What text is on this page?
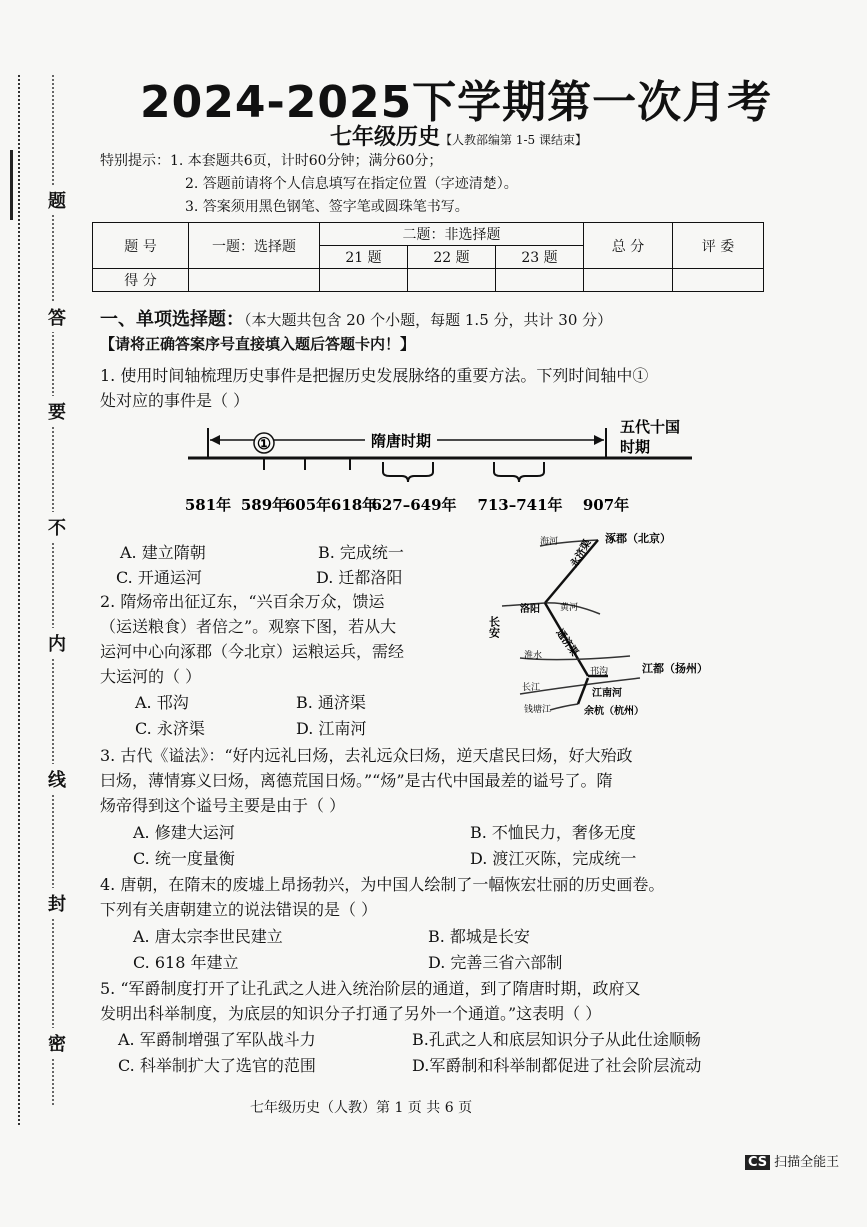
题
答
要
不
内
线
封
密
2024-2025下学期第一次月考
七年级历史【人教部编第 1-5 课结束】
特别提示：1. 本套题共6页，计时60分钟；满分60分；
2. 答题前请将个人信息填写在指定位置（字迹清楚）。
3. 答案须用黑色钢笔、签字笔或圆珠笔书写。
题 号	一题：选择题	二题：非选择题			总 分	评 委
		21 题	22 题	23 题		
得 分						
一、单项选择题：（本大题共包含 20 个小题，每题 1.5 分，共计 30 分）
【请将正确答案序号直接填入题后答题卡内！】
1. 使用时间轴梳理历史事件是把握历史发展脉络的重要方法。下列时间轴中①
处对应的事件是（ ）
①	隋唐时期
五代十国
时期
581年 589年
605年 618年
627–649年 713–741年 907年
A. 建立隋朝	B. 完成统一
C. 开通运河	D. 迁都洛阳
2. 隋炀帝出征辽东，“兴百余万众，馈运
（运送粮食）者倍之”。观察下图，若从大
运河中心向涿郡（今北京）运粮运兵，需经
大运河的（ ）
A. 邗沟	B. 通济渠
C. 永济渠	D. 江南河
海河	涿郡（北京）
永济渠
长安
洛阳 黄河
通济渠
淮水
邗沟	江都（扬州）
长江	江南河
余杭（杭州）
钱塘江
3. 古代《谥法》：“好内远礼曰炀，去礼远众曰炀，逆天虐民曰炀，好大殆政
曰炀，薄情寡义曰炀，离德荒国日炀。”“炀”是古代中国最差的谥号了。隋
炀帝得到这个谥号主要是由于（ ）
A. 修建大运河	B. 不恤民力，奢侈无度
C. 统一度量衡	D. 渡江灭陈，完成统一
4. 唐朝，在隋末的废墟上昂扬勃兴，为中国人绘制了一幅恢宏壮丽的历史画卷。
下列有关唐朝建立的说法错误的是（ ）
A. 唐太宗李世民建立	B. 都城是长安
C. 618 年建立	D. 完善三省六部制
5. “军爵制度打开了让孔武之人进入统治阶层的通道，到了隋唐时期，政府又
发明出科举制度，为底层的知识分子打通了另外一个通道。”这表明（ ）
A. 军爵制增强了军队战斗力	B.孔武之人和底层知识分子从此仕途顺畅
C. 科举制扩大了选官的范围	D.军爵制和科举制都促进了社会阶层流动
七年级历史（人教）第 1 页 共 6 页
CS 扫描全能王
